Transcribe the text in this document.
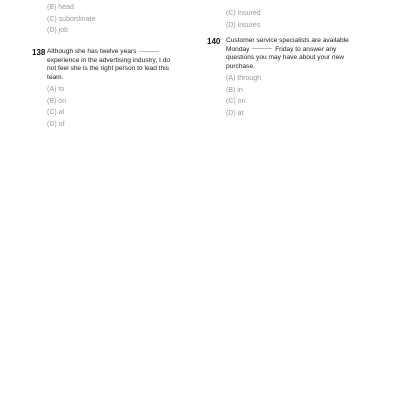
(B) head
(C) subordinate
(D) job
138 Although she has twelve years
experience in the advertising industry, I do
not feel she is the right person to lead this
team.
(A) to
(B) on
(C) at
(D) of
(C) insured
(D) insures
140 Customer service specialists are available
Monday	Friday to answer any
questions you may have about your new
purchase.
(A) through
(B) in
(C) on
(D) at
